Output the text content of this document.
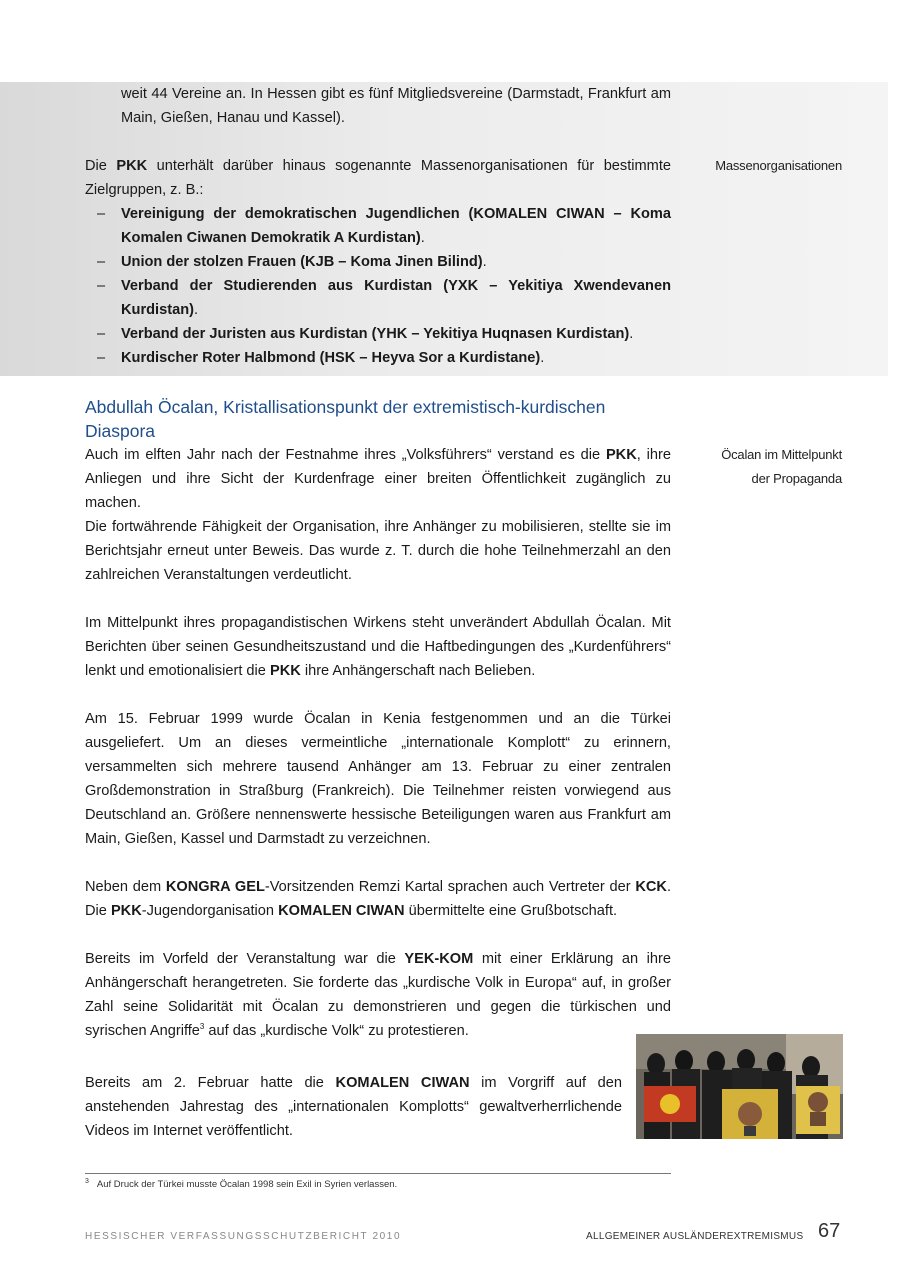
weit 44 Vereine an. In Hessen gibt es fünf Mitgliedsvereine (Darmstadt, Frankfurt am Main, Gießen, Hanau und Kassel).

Die PKK unterhält darüber hinaus sogenannte Massenorganisationen für bestimmte Zielgruppen, z. B.:

– Vereinigung der demokratischen Jugendlichen (KOMALEN CIWAN – Koma Komalen Ciwanen Demokratik A Kurdistan).
– Union der stolzen Frauen (KJB – Koma Jinen Bilind).
– Verband der Studierenden aus Kurdistan (YXK – Yekitiya Xwendevanen Kurdistan).
– Verband der Juristen aus Kurdistan (YHK – Yekitiya Huqnasen Kurdistan).
– Kurdischer Roter Halbmond (HSK – Heyva Sor a Kurdistane).
Massenorganisationen
Abdullah Öcalan, Kristallisationspunkt der extremistisch-kurdischen Diaspora
Öcalan im Mittelpunkt
der Propaganda

Auch im elften Jahr nach der Festnahme ihres „Volksführers“ verstand es die PKK, ihre Anliegen und ihre Sicht der Kurdenfrage einer breiten Öffentlichkeit zugänglich zu machen.

Die fortwährende Fähigkeit der Organisation, ihre Anhänger zu mobilisieren, stellte sie im Berichtsjahr erneut unter Beweis. Das wurde z. T. durch die hohe Teilnehmerzahl an den zahlreichen Veranstaltungen verdeutlicht.

Im Mittelpunkt ihres propagandistischen Wirkens steht unverändert Abdullah Öcalan. Mit Berichten über seinen Gesundheitszustand und die Haftbedingungen des „Kurdenführers“ lenkt und emotionalisiert die PKK ihre Anhängerschaft nach Belieben.

Am 15. Februar 1999 wurde Öcalan in Kenia festgenommen und an die Türkei ausgeliefert. Um an dieses vermeintliche „internationale Komplott“ zu erinnern, versammelten sich mehrere tausend Anhänger am 13. Februar zu einer zentralen Großdemonstration in Straßburg (Frankreich). Die Teilnehmer reisten vorwiegend aus Deutschland an. Größere nennenswerte hessische Beteiligungen waren aus Frankfurt am Main, Gießen, Kassel und Darmstadt zu verzeichnen.

Neben dem KONGRA GEL-Vorsitzenden Remzi Kartal sprachen auch Vertreter der KCK. Die PKK-Jugendorganisation KOMALEN CIWAN übermittelte eine Grußbotschaft.

Bereits im Vorfeld der Veranstaltung war die YEK-KOM mit einer Erklärung an ihre Anhängerschaft herangetreten. Sie forderte das „kurdische Volk in Europa“ auf, in großer Zahl seine Solidarität mit Öcalan zu demonstrieren und gegen die türkischen und syrischen Angriffe$^3$ auf das „kurdische Volk“ zu protestieren.

Bereits am 2. Februar hatte die KOMALEN CIWAN im Vorgriff auf den anstehenden Jahrestag des „internationalen Komplotts“ gewaltverherrlichende Videos im Internet veröffentlicht.

$^3$ Auf Druck der Türkei musste Öcalan 1998 sein Exil in Syrien verlassen.
HESSISCHER VERFASSUNGSSCHUTZBERICHT 2010	ALLGEMEINER AUSLÄNDEREXTREMISMUS 67
